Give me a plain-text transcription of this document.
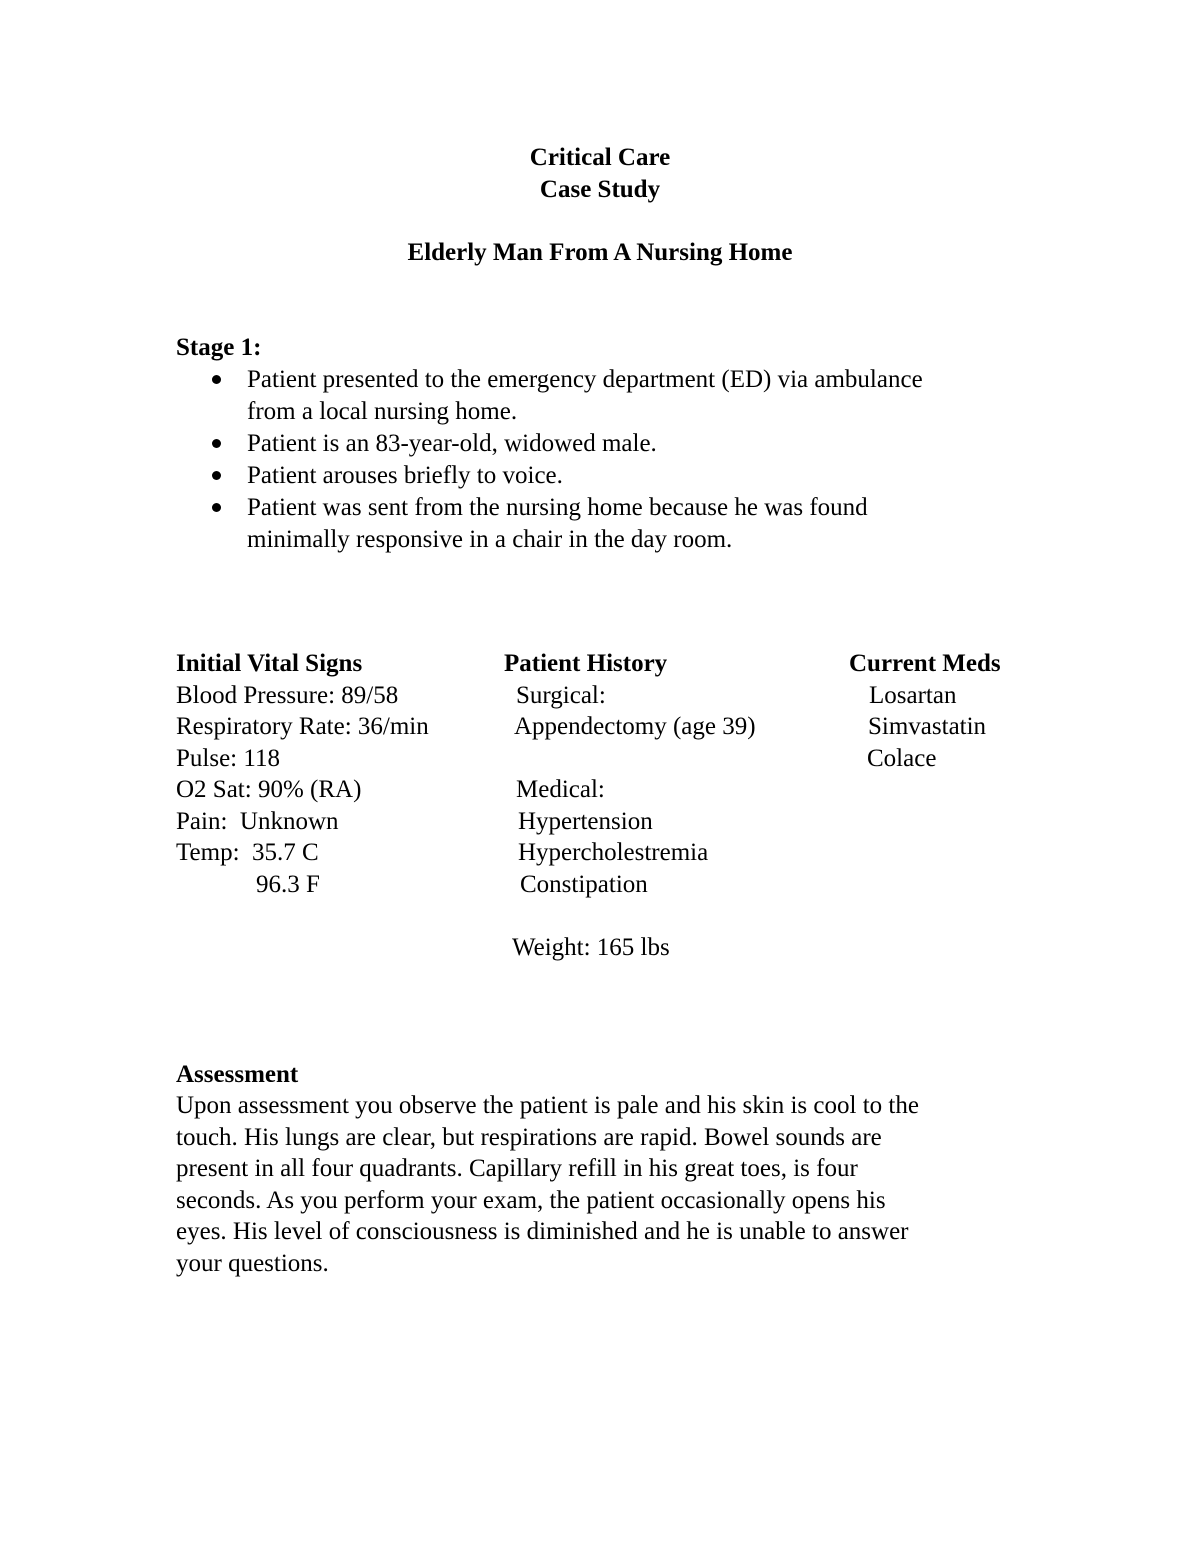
Critical Care
Case Study
Elderly Man From A Nursing Home
Stage 1:
Patient presented to the emergency department (ED) via ambulance
from a local nursing home.
Patient is an 83-year-old, widowed male.
Patient arouses briefly to voice.
Patient was sent from the nursing home because he was found
minimally responsive in a chair in the day room.
Initial Vital Signs
Blood Pressure: 89/58
Respiratory Rate: 36/min
Pulse: 118
O2 Sat: 90% (RA)
Pain:  Unknown
Temp:  35.7 C
96.3 F
Patient History
Surgical:
Appendectomy (age 39)
Medical:
Hypertension
Hypercholestremia
Constipation
Weight: 165 lbs
Current Meds
Losartan
Simvastatin
Colace
Assessment
Upon assessment you observe the patient is pale and his skin is cool to the
touch. His lungs are clear, but respirations are rapid. Bowel sounds are
present in all four quadrants. Capillary refill in his great toes, is four
seconds. As you perform your exam, the patient occasionally opens his
eyes. His level of consciousness is diminished and he is unable to answer
your questions.
